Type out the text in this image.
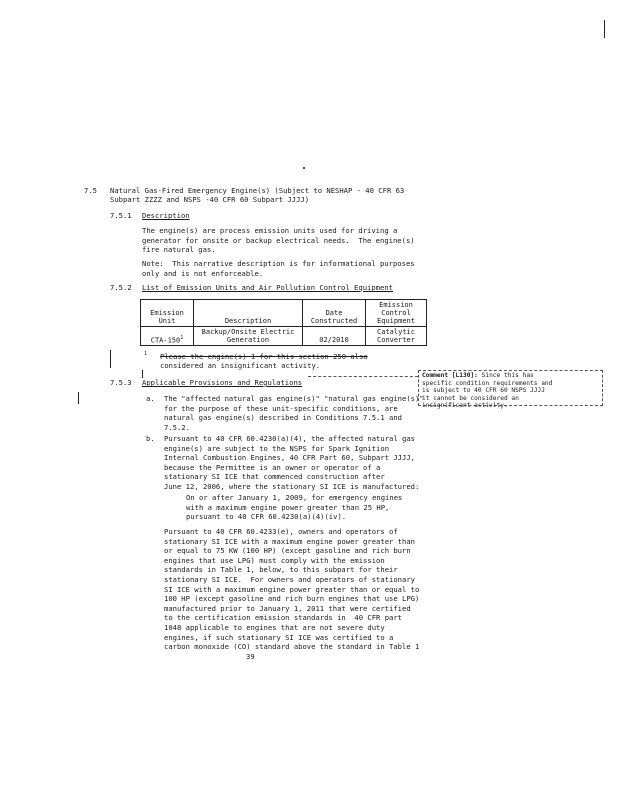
7.5 Natural Gas-Fired Emergency Engine(s) (Subject to NESHAP - 40 CFR 63
Subpart ZZZZ and NSPS -40 CFR 60 Subpart JJJJ)
7.5.1 Description
The engine(s) are process emission units used for driving a
generator for onsite or backup electrical needs.  The engine(s)
fire natural gas.
Note:  This narrative description is for informational purposes
only and is not enforceable.
7.5.2 List of Emission Units and Air Pollution Control Equipment
Emission Unit	Description	Date Constructed	Emission Control Equipment
CTA-$150^1$	Backup/Onsite Electric Generation	02/2010	Catalytic Converter
1 Please the engine(s) 1 for this section 250 also
considered an insignificant activity.
7.5.3 Applicable Provisions and Regulations
a. The "affected natural gas engine(s)" "natural gas engine(s)"
for the purpose of these unit-specific conditions, are
natural gas engine(s) described in Conditions 7.5.1 and
7.5.2.
b. Pursuant to 40 CFR 60.4230(a)(4), the affected natural gas
engine(s) are subject to the NSPS for Spark Ignition
Internal Combustion Engines, 40 CFR Part 60, Subpart JJJJ,
because the Permittee is an owner or operator of a
stationary SI ICE that commenced construction after
June 12, 2006, where the stationary SI ICE is manufactured:
On or after January 1, 2009, for emergency engines
with a maximum engine power greater than 25 HP,
pursuant to 40 CFR 60.4230(a)(4)(iv).
Pursuant to 40 CFR 60.4233(e), owners and operators of
stationary SI ICE with a maximum engine power greater than
or equal to 75 KW (100 HP) (except gasoline and rich burn
engines that use LPG) must comply with the emission
standards in Table 1, below, to this subpart for their
stationary SI ICE.  For owners and operators of stationary
SI ICE with a maximum engine power greater than or equal to
100 HP (except gasoline and rich burn engines that use LPG)
manufactured prior to January 1, 2011 that were certified
to the certification emission standards in  40 CFR part
1048 applicable to engines that are not severe duty
engines, if such stationary SI ICE was certified to a
carbon monoxide (CO) standard above the standard in Table 1
Comment [L130]: Since this has
specific condition requirements and
is subject to 40 CFR 60 NSPS JJJJ
it cannot be considered an
insignificant activity.
39
